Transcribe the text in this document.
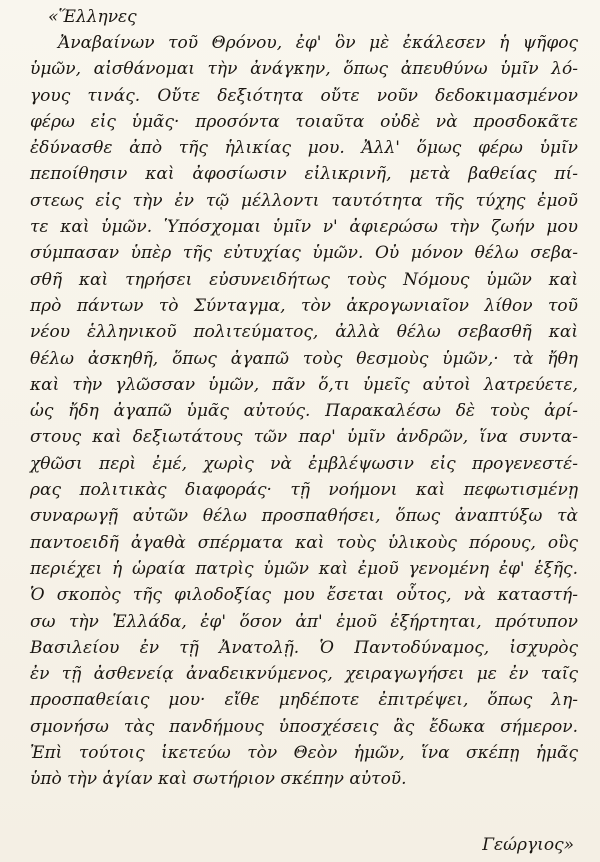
«Ἕλληνες
Ἀναβαίνων τοῦ Θρόνου, ἐφ' ὃν μὲ ἐκάλεσεν ἡ ψῆφος
ὑμῶν, αἰσθάνομαι τὴν ἀνάγκην, ὅπως ἀπευθύνω ὑμῖν λό-
γους τινάς. Οὔτε δεξιότητα οὔτε νοῦν δεδοκιμασμένον
φέρω εἰς ὑμᾶς· προσόντα τοιαῦτα οὐδὲ νὰ προσδοκᾶτε
ἐδύνασθε ἀπὸ τῆς ἡλικίας μου. Ἀλλ' ὅμως φέρω ὑμῖν
πεποίθησιν καὶ ἀφοσίωσιν εἰλικρινῆ, μετὰ βαθείας πί-
στεως εἰς τὴν ἐν τῷ μέλλοντι ταυτότητα τῆς τύχης ἐμοῦ
τε καὶ ὑμῶν. Ὑπόσχομαι ὑμῖν ν' ἀφιερώσω τὴν ζωήν μου
σύμπασαν ὑπὲρ τῆς εὐτυχίας ὑμῶν. Οὐ μόνον θέλω σεβα-
σθῆ καὶ τηρήσει εὐσυνειδήτως τοὺς Νόμους ὑμῶν καὶ
πρὸ πάντων τὸ Σύνταγμα, τὸν ἀκρογωνιαῖον λίθον τοῦ
νέου ἑλληνικοῦ πολιτεύματος, ἀλλὰ θέλω σεβασθῆ καὶ
θέλω ἀσκηθῆ, ὅπως ἀγαπῶ τοὺς θεσμοὺς ὑμῶν,· τὰ ἤθη
καὶ τὴν γλῶσσαν ὑμῶν, πᾶν ὅ,τι ὑμεῖς αὐτοὶ λατρεύετε,
ὡς ἤδη ἀγαπῶ ὑμᾶς αὐτούς. Παρακαλέσω δὲ τοὺς ἀρί-
στους καὶ δεξιωτάτους τῶν παρ' ὑμῖν ἀνδρῶν, ἵνα συντα-
χθῶσι περὶ ἐμέ, χωρὶς νὰ ἐμβλέψωσιν εἰς προγενεστέ-
ρας πολιτικὰς διαφοράς· τῇ νοήμονι καὶ πεφωτισμένῃ
συναρωγῇ αὐτῶν θέλω προσπαθήσει, ὅπως ἀναπτύξω τὰ
παντοειδῆ ἀγαθὰ σπέρματα καὶ τοὺς ὑλικοὺς πόρους, οὓς
περιέχει ἡ ὡραία πατρὶς ὑμῶν καὶ ἐμοῦ γενομένη ἐφ' ἑξῆς.
Ὁ σκοπὸς τῆς φιλοδοξίας μου ἔσεται οὗτος, νὰ καταστή-
σω τὴν Ἑλλάδα, ἐφ' ὅσον ἀπ' ἐμοῦ ἐξήρτηται, πρότυπον
Βασιλείου ἐν τῇ Ἀνατολῇ. Ὁ Παντοδύναμος, ἰσχυρὸς
ἐν τῇ ἀσθενείᾳ ἀναδεικνύμενος, χειραγωγήσει με ἐν ταῖς
προσπαθείαις μου· εἴθε μηδέποτε ἐπιτρέψει, ὅπως λη-
σμονήσω τὰς πανδήμους ὑποσχέσεις ἃς ἔδωκα σήμερον.
Ἐπὶ τούτοις ἱκετεύω τὸν Θεὸν ἡμῶν, ἵνα σκέπῃ ἡμᾶς
ὑπὸ τὴν ἁγίαν καὶ σωτήριον σκέπην αὐτοῦ.
Γεώργιος»
